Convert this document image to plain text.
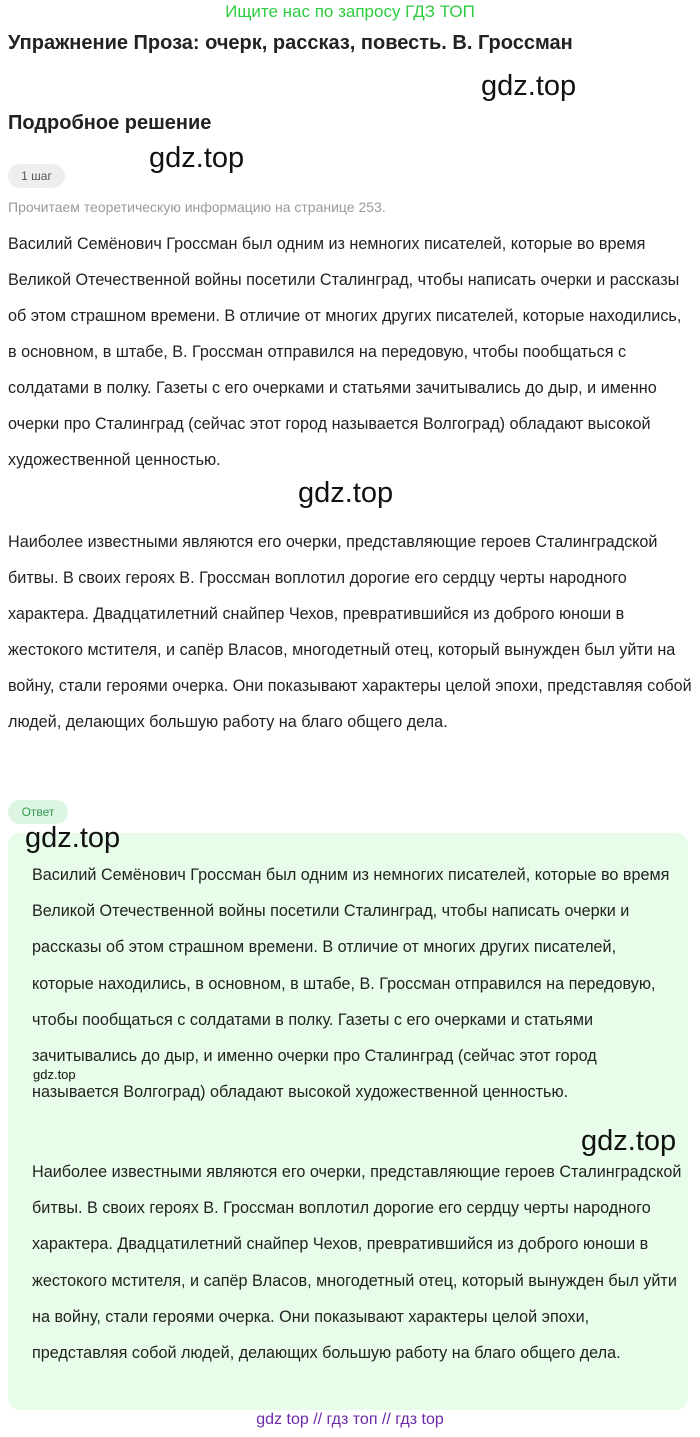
Ищите нас по запросу ГДЗ ТОП
Упражнение Проза: очерк, рассказ, повесть. В. Гроссман
gdz.top
Подробное решение
gdz.top
1 шаг
Прочитаем теоретическую информацию на странице 253.

Василий Семёнович Гроссман был одним из немногих писателей, которые во время Великой Отечественной войны посетили Сталинград, чтобы написать очерки и рассказы об этом страшном времени. В отличие от многих других писателей, которые находились, в основном, в штабе, В. Гроссман отправился на передовую, чтобы пообщаться с солдатами в полку. Газеты с его очерками и статьями зачитывались до дыр, и именно очерки про Сталинград (сейчас этот город называется Волгоград) обладают высокой художественной ценностью.

gdz.top

Наиболее известными являются его очерки, представляющие героев Сталинградской битвы. В своих героях В. Гроссман воплотил дорогие его сердцу черты народного характера. Двадцатилетний снайпер Чехов, превратившийся из доброго юноши в жестокого мстителя, и сапёр Власов, многодетный отец, который вынужден был уйти на войну, стали героями очерка. Они показывают характеры целой эпохи, представляя собой людей, делающих большую работу на благо общего дела.

Ответ
gdz.top

Василий Семёнович Гроссман был одним из немногих писателей, которые во время Великой Отечественной войны посетили Сталинград, чтобы написать очерки и рассказы об этом страшном времени. В отличие от многих других писателей, которые находились, в основном, в штабе, В. Гроссман отправился на передовую, чтобы пообщаться с солдатами в полку. Газеты с его очерками и статьями зачитывались до дыр, и именно очерки про Сталинград (сейчас этот город называется Волгоград) обладают высокой художественной ценностью.

gdz.top
gdz.top

Наиболее известными являются его очерки, представляющие героев Сталинградской битвы. В своих героях В. Гроссман воплотил дорогие его сердцу черты народного характера. Двадцатилетний снайпер Чехов, превратившийся из доброго юноши в жестокого мстителя, и сапёр Власов, многодетный отец, который вынужден был уйти на войну, стали героями очерка. Они показывают характеры целой эпохи, представляя собой людей, делающих большую работу на благо общего дела.

gdz top // гдз топ // гдз top
